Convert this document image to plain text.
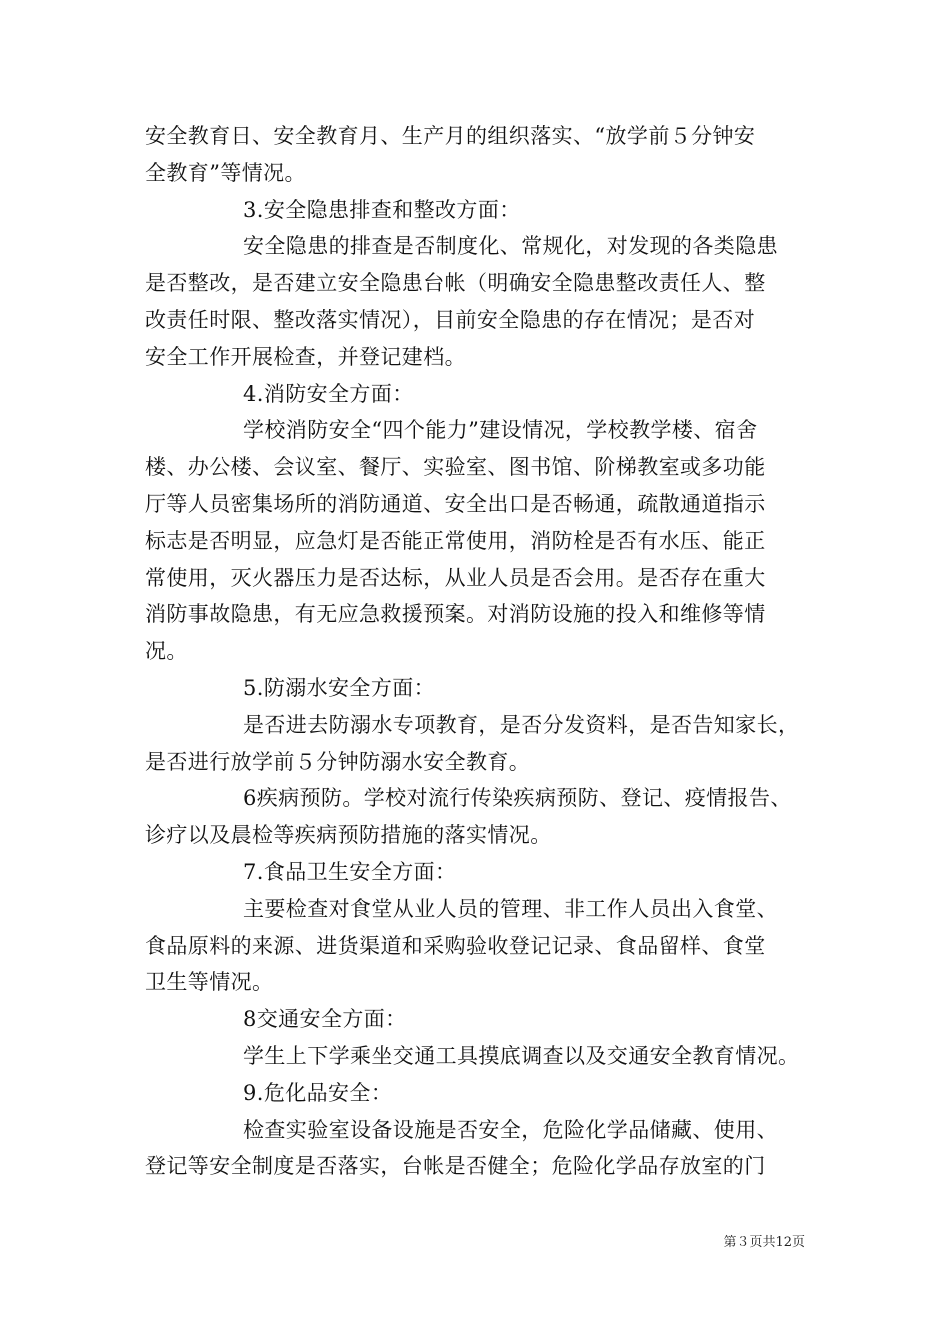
安全教育日、安全教育月、生产月的组织落实、“放学前５分钟安
全教育”等情况。
3.安全隐患排查和整改方面：
安全隐患的排查是否制度化、常规化，对发现的各类隐患
是否整改，是否建立安全隐患台帐（明确安全隐患整改责任人、整
改责任时限、整改落实情况），目前安全隐患的存在情况；是否对
安全工作开展检查，并登记建档。
4.消防安全方面：
学校消防安全“四个能力”建设情况，学校教学楼、宿舍
楼、办公楼、会议室、餐厅、实验室、图书馆、阶梯教室或多功能
厅等人员密集场所的消防通道、安全出口是否畅通，疏散通道指示
标志是否明显，应急灯是否能正常使用，消防栓是否有水压、能正
常使用，灭火器压力是否达标，从业人员是否会用。是否存在重大
消防事故隐患，有无应急救援预案。对消防设施的投入和维修等情
况。
5.防溺水安全方面：
是否进去防溺水专项教育，是否分发资料，是否告知家长，
是否进行放学前５分钟防溺水安全教育。
6疾病预防。学校对流行传染疾病预防、登记、疫情报告、
诊疗以及晨检等疾病预防措施的落实情况。
7.食品卫生安全方面：
主要检查对食堂从业人员的管理、非工作人员出入食堂、
食品原料的来源、进货渠道和采购验收登记记录、食品留样、食堂
卫生等情况。
8交通安全方面：
学生上下学乘坐交通工具摸底调查以及交通安全教育情况。
9.危化品安全：
检查实验室设备设施是否安全，危险化学品储藏、使用、
登记等安全制度是否落实，台帐是否健全；危险化学品存放室的门
第３页共12页
